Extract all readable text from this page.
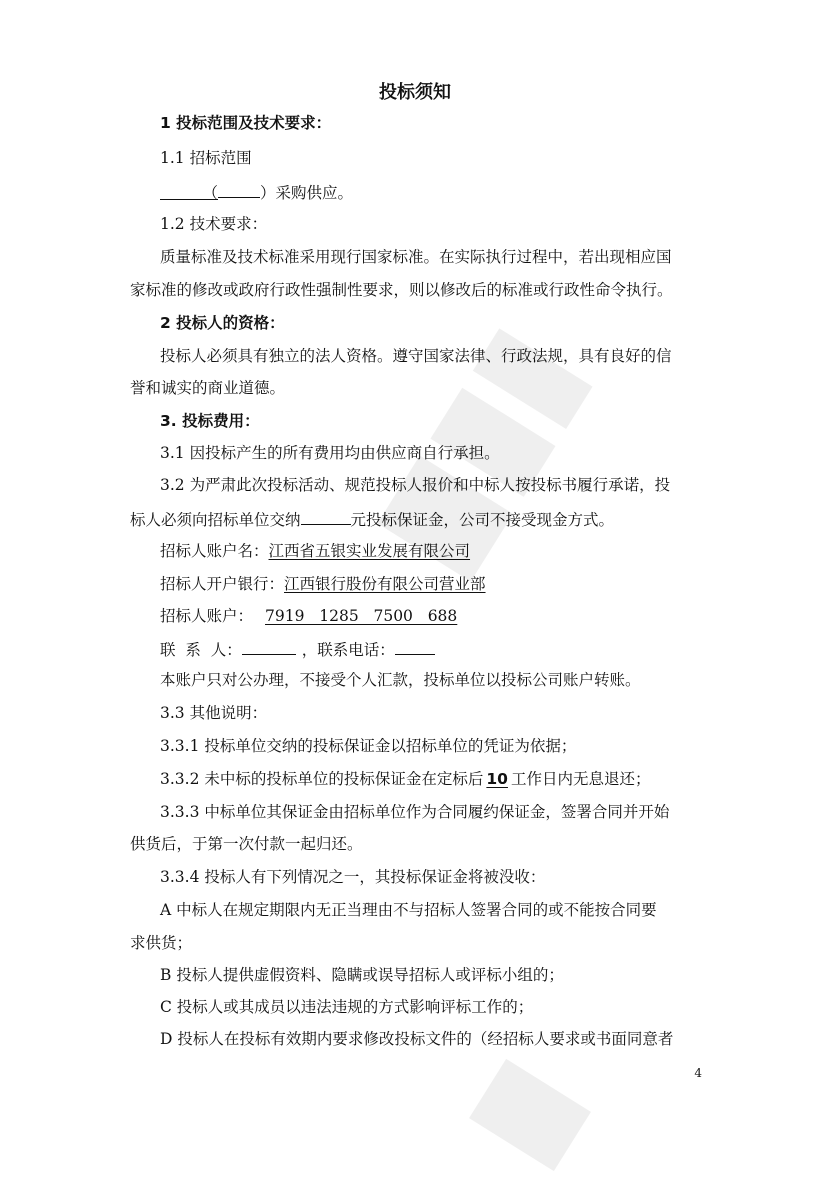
投标须知
1 投标范围及技术要求：
1.1 招标范围
（	）采购供应。
1.2 技术要求：
质量标准及技术标准采用现行国家标准。在实际执行过程中，若出现相应国
家标准的修改或政府行政性强制性要求，则以修改后的标准或行政性命令执行。
2 投标人的资格：
投标人必须具有独立的法人资格。遵守国家法律、行政法规，具有良好的信
誉和诚实的商业道德。
3. 投标费用：
3.1 因投标产生的所有费用均由供应商自行承担。
3.2 为严肃此次投标活动、规范投标人报价和中标人按投标书履行承诺，投
标人必须向招标单位交纳	元投标保证金，公司不接受现金方式。
招标人账户名：江西省五银实业发展有限公司
招标人开户银行：江西银行股份有限公司营业部
招标人账户： 7919   1285   7500   688
联  系  人：	，联系电话：
本账户只对公办理，不接受个人汇款，投标单位以投标公司账户转账。
3.3 其他说明：
3.3.1 投标单位交纳的投标保证金以招标单位的凭证为依据；
3.3.2 未中标的投标单位的投标保证金在定标后 10 工作日内无息退还；
3.3.3 中标单位其保证金由招标单位作为合同履约保证金，签署合同并开始
供货后，于第一次付款一起归还。
3.3.4 投标人有下列情况之一，其投标保证金将被没收：
A 中标人在规定期限内无正当理由不与招标人签署合同的或不能按合同要
求供货；
B 投标人提供虚假资料、隐瞒或误导招标人或评标小组的；
C 投标人或其成员以违法违规的方式影响评标工作的；
D 投标人在投标有效期内要求修改投标文件的（经招标人要求或书面同意者
4
